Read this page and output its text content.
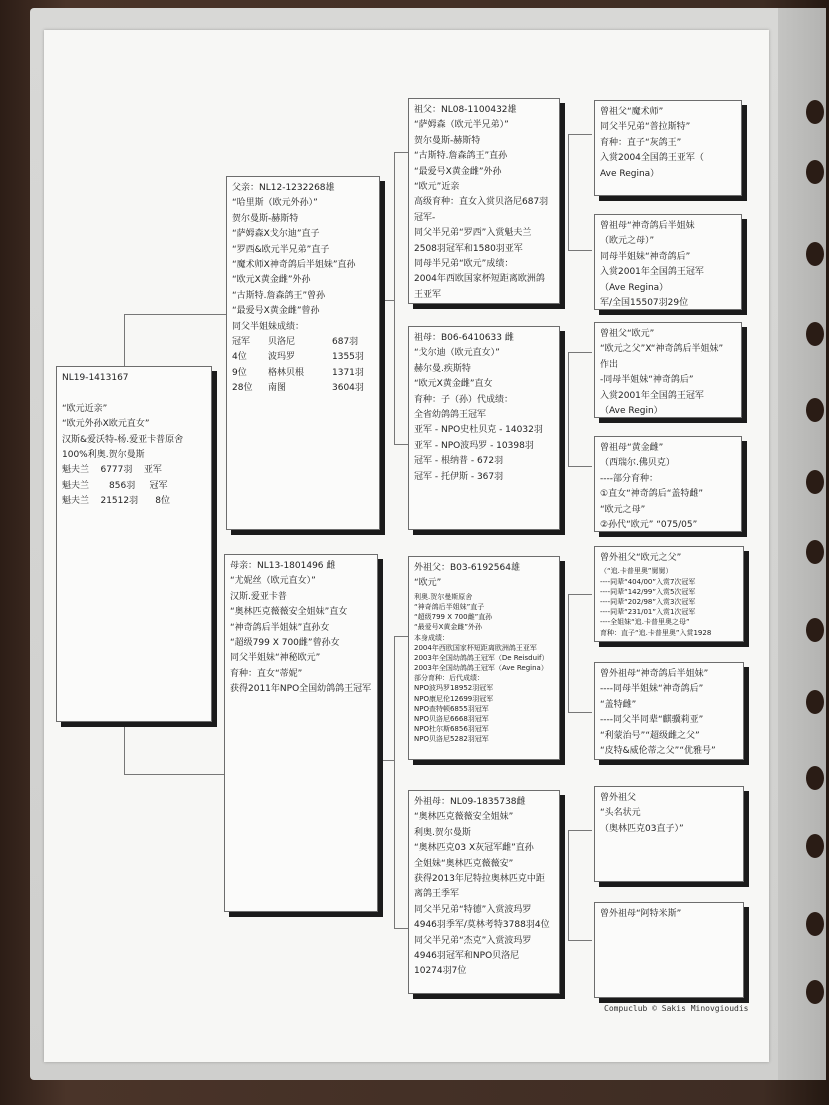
NL19-1413167
“欧元近亲”
“欧元外孙X欧元直女”
汉斯&爱沃特-杨.爱亚卡普原舍
100%利奥.贺尔曼斯
魁夫兰 6777羽 亚军
魁夫兰 856羽 冠军
魁夫兰 21512羽 8位
父亲：NL12-1232268雄
“哈里斯（欧元外孙）”
贺尔曼斯-赫斯特
“萨姆森X戈尔迪”直子
“罗西&欧元半兄弟”直子
“魔术师X神奇鸽后半姐妹”直孙
“欧元X黄金雌”外孙
“古斯特.詹森鸽王”曾孙
“最爱号X黄金雌”曾孙
同父半姐妹成绩：
冠军 贝洛尼	687羽
4位 波玛罗	1355羽
9位 格林贝根	1371羽
28位 南图	3604羽
母亲：NL13-1801496 雌
“尤妮丝（欧元直女）”
汉斯.爱亚卡普
“奥林匹克薇薇安全姐妹”直女
“神奇鸽后半姐妹”直孙女
“超级799 X 700雌”曾孙女
同父半姐妹“神秘欧元”
育种：直女“蒂妮”
获得2011年NPO全国幼鸽鸽王冠军
祖父：NL08-1100432雄
“萨姆森（欧元半兄弟）”
贺尔曼斯-赫斯特
“古斯特.詹森鸽王”直孙
“最爱号X黄金雌”外孙
“欧元”近亲
高级育种：直女入赏贝洛尼687羽
冠军-
同父半兄弟“罗西”入赏魁夫兰
2508羽冠军和1580羽亚军
同母半兄弟“欧元”成绩：
2004年西欧国家杯短距离欧洲鸽
王亚军
祖母：B06-6410633 雌
“戈尔迪（欧元直女）”
赫尔曼.疾斯特
“欧元X黄金雌”直女
育种：子（孙）代成绩：
全省幼鸽鸽王冠军
亚军 - NPO史杜贝克 - 14032羽
亚军 - NPO波玛罗 - 10398羽
冠军 - 根纳普 - 672羽
冠军 - 托伊斯 - 367羽
外祖父：B03-6192564雄
“欧元”
利奥.贺尔曼斯原舍
“神奇鸽后半姐妹”直子
“超级799 X 700雌”直孙
“最爱号X黄金雌”外孙
本身成绩：
2004年西欧国家杯短距离欧洲鸽王亚军
2003年全国幼鸽鸽王冠军（De Reisduif）
2003年全国幼鸽鸽王冠军（Ave Regina）
部分育种：后代成绩：
NPO波玛罗18952羽冠军
NPO康尼伦12699羽冠军
NPO查特顿6855羽冠军
NPO贝洛尼6668羽冠军
NPO杜尔斯6856羽冠军
NPO贝洛尼5282羽冠军
外祖母：NL09-1835738雌
“奥林匹克薇薇安全姐妹”
利奥.贺尔曼斯
“奥林匹克03 X灰冠军雌”直孙
全姐妹“奥林匹克薇薇安”
获得2013年尼特拉奥林匹克中距
离鸽王季军
同父半兄弟“特德”入赏波玛罗
4946羽季军/莫林考特3788羽4位
同父半兄弟“杰克”入赏波玛罗
4946羽冠军和NPO贝洛尼
10274羽7位
曾祖父“魔术师”
同父半兄弟“普拉斯特”
育种：直子“灰鸽王”
入赏2004全国鸽王亚军（
Ave Regina）
曾祖母“神奇鸽后半姐妹
（欧元之母）”
同母半姐妹“神奇鸽后”
入赏2001年全国鸽王冠军
（Ave Regina）
军/全国15507羽29位
曾祖父“欧元”
“欧元之父”X“神奇鸽后半姐妹”
作出
-同母半姐妹“神奇鸽后”
入赏2001年全国鸽王冠军
（Ave Regin）
曾祖母“黄金雌”
（西瑞尔.佛贝克）
----部分育种：
①直女“神奇鸽后“盖特雌”
“欧元之母”
②孙代“欧元” “075/05”
曾外祖父“欧元之父”
（“追.卡普里奥”舅舅）
----同辈“404/00”入赏7次冠军
----同辈“142/99”入赏5次冠军
----同辈“202/98”入赏3次冠军
----同辈“231/01”入赏1次冠军
----全姐妹“追.卡普里奥之母”
育种：直子“追.卡普里奥”入赏1928
曾外祖母“神奇鸽后半姐妹”
----同母半姐妹“神奇鸽后”
“盖特雌”
----同父半同辈“麒骥莉亚”
“利蒙治号”“超级雌之父”
“皮特&威伦蒂之父”“优雅号”
曾外祖父
“头名状元
（奥林匹克03直子）”
曾外祖母“阿特米斯”
Compuclub © Sakis Minovgioudis
